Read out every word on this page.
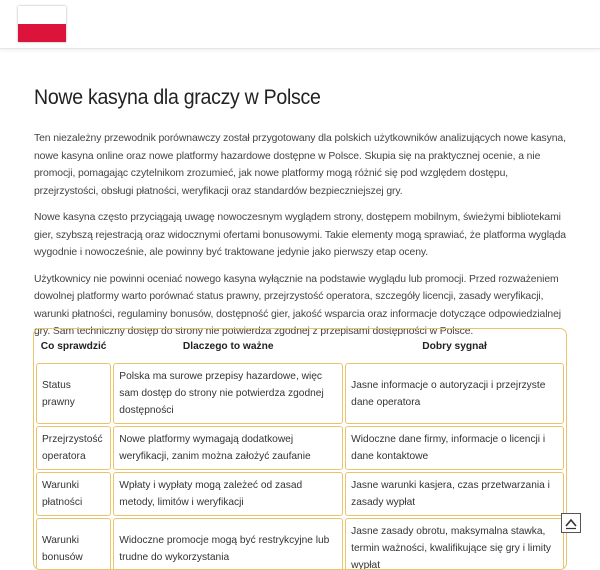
Nowe kasyna dla graczy w Polsce

Ten niezależny przewodnik porównawczy został przygotowany dla polskich użytkowników analizujących nowe kasyna, nowe kasyna online oraz nowe platformy hazardowe dostępne w Polsce. Skupia się na praktycznej ocenie, a nie promocji, pomagając czytelnikom zrozumieć, jak nowe platformy mogą różnić się pod względem dostępu, przejrzystości, obsługi płatności, weryfikacji oraz standardów bezpieczniejszej gry.

Nowe kasyna często przyciągają uwagę nowoczesnym wyglądem strony, dostępem mobilnym, świeżymi bibliotekami gier, szybszą rejestracją oraz widocznymi ofertami bonusowymi. Takie elementy mogą sprawiać, że platforma wygląda wygodnie i nowocześnie, ale powinny być traktowane jedynie jako pierwszy etap oceny.

Użytkownicy nie powinni oceniać nowego kasyna wyłącznie na podstawie wyglądu lub promocji. Przed rozważeniem dowolnej platformy warto porównać status prawny, przejrzystość operatora, szczegóły licencji, zasady weryfikacji, warunki płatności, regulaminy bonusów, dostępność gier, jakość wsparcia oraz informacje dotyczące odpowiedzialnej gry. Sam techniczny dostęp do strony nie potwierdza zgodnej z przepisami dostępności w Polsce.

Co sprawdzić	Dlaczego to ważne	Dobry sygnał
Status prawny	Polska ma surowe przepisy hazardowe, więc sam dostęp do strony nie potwierdza zgodnej dostępności	Jasne informacje o autoryzacji i przejrzyste dane operatora
Przejrzystość operatora	Nowe platformy wymagają dodatkowej weryfikacji, zanim można założyć zaufanie	Widoczne dane firmy, informacje o licencji i dane kontaktowe
Warunki płatności	Wpłaty i wypłaty mogą zależeć od zasad metody, limitów i weryfikacji	Jasne warunki kasjera, czas przetwarzania i zasady wypłat
Warunki bonusów	Widoczne promocje mogą być restrykcyjne lub trudne do wykorzystania	Jasne zasady obrotu, maksymalna stawka, termin ważności, kwalifikujące się gry i limity wypłat
